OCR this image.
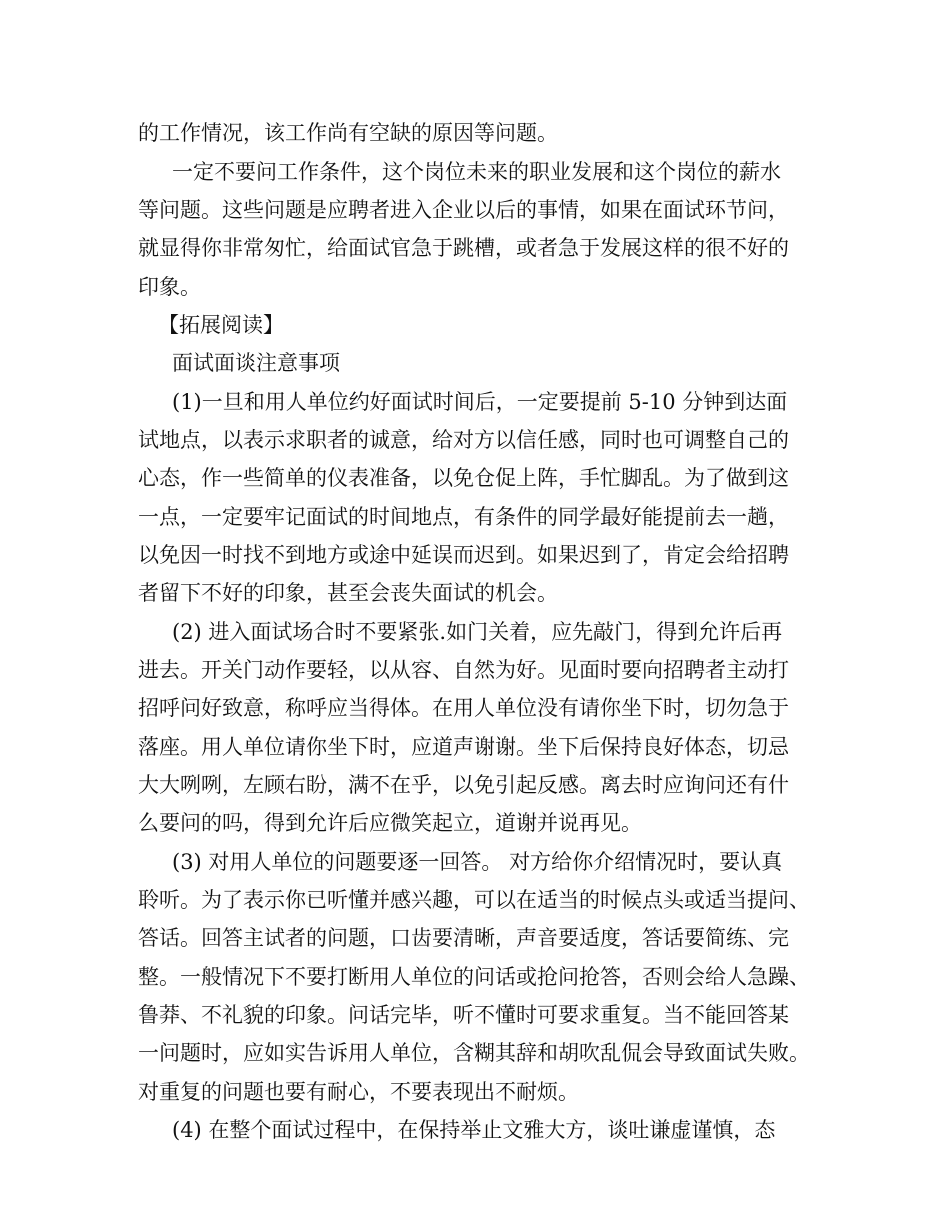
的工作情况，该工作尚有空缺的原因等问题。
一定不要问工作条件，这个岗位未来的职业发展和这个岗位的薪水
等问题。这些问题是应聘者进入企业以后的事情，如果在面试环节问，
就显得你非常匆忙，给面试官急于跳槽，或者急于发展这样的很不好的
印象。
【拓展阅读】
面试面谈注意事项
(1)一旦和用人单位约好面试时间后，一定要提前 5-10 分钟到达面
试地点，以表示求职者的诚意，给对方以信任感，同时也可调整自己的
心态，作一些简单的仪表准备，以免仓促上阵，手忙脚乱。为了做到这
一点，一定要牢记面试的时间地点，有条件的同学最好能提前去一趟，
以免因一时找不到地方或途中延误而迟到。如果迟到了，肯定会给招聘
者留下不好的印象，甚至会丧失面试的机会。
(2) 进入面试场合时不要紧张.如门关着，应先敲门，得到允许后再
进去。开关门动作要轻，以从容、自然为好。见面时要向招聘者主动打
招呼问好致意，称呼应当得体。在用人单位没有请你坐下时，切勿急于
落座。用人单位请你坐下时，应道声谢谢。坐下后保持良好体态，切忌
大大咧咧，左顾右盼，满不在乎，以免引起反感。离去时应询问还有什
么要问的吗，得到允许后应微笑起立，道谢并说再见。
(3) 对用人单位的问题要逐一回答。 对方给你介绍情况时，要认真
聆听。为了表示你已听懂并感兴趣，可以在适当的时候点头或适当提问、
答话。回答主试者的问题，口齿要清晰，声音要适度，答话要简练、完
整。一般情况下不要打断用人单位的问话或抢问抢答，否则会给人急躁、
鲁莽、不礼貌的印象。问话完毕，听不懂时可要求重复。当不能回答某
一问题时，应如实告诉用人单位，含糊其辞和胡吹乱侃会导致面试失败。
对重复的问题也要有耐心，不要表现出不耐烦。
(4) 在整个面试过程中，在保持举止文雅大方，谈吐谦虚谨慎，态
